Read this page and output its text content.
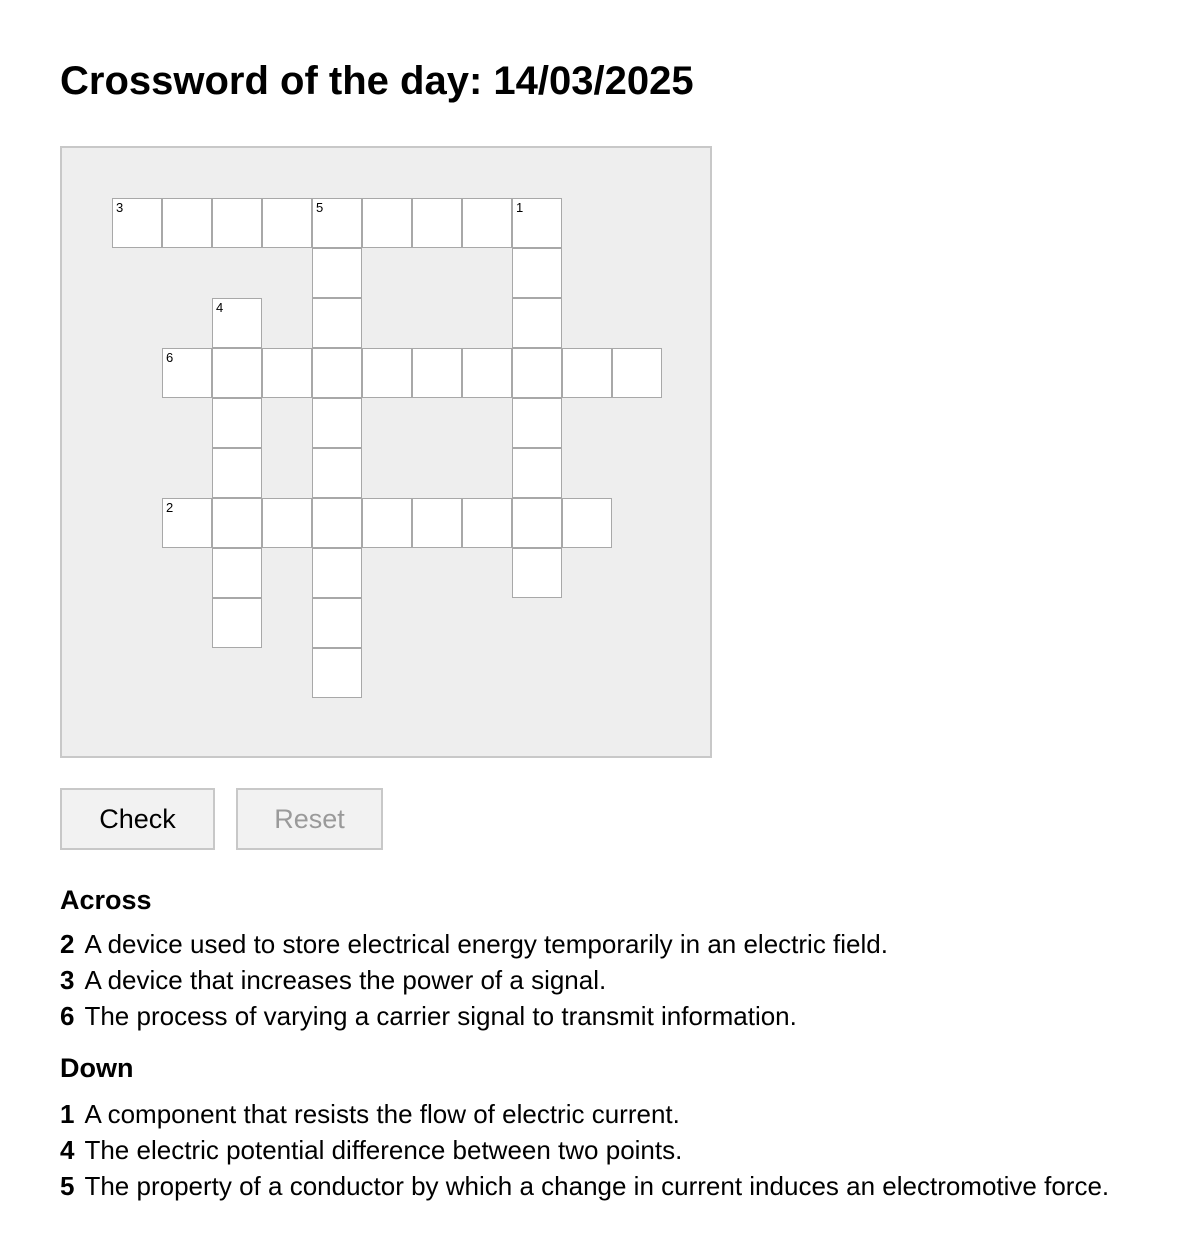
Crossword of the day: 14/03/2025
3	5	1
4
6
2
Check	Reset
Across
2 A device used to store electrical energy temporarily in an electric field.
3 A device that increases the power of a signal.
6 The process of varying a carrier signal to transmit information.
Down
1 A component that resists the flow of electric current.
4 The electric potential difference between two points.
5 The property of a conductor by which a change in current induces an electromotive force.
